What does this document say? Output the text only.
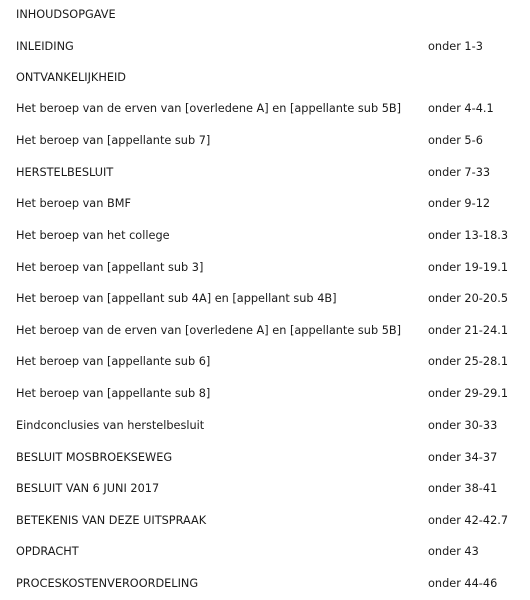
INHOUDSOPGAVE
INLEIDING	onder 1-3
ONTVANKELIJKHEID
Het beroep van de erven van [overledene A] en [appellante sub 5B] onder 4-4.1
Het beroep van [appellante sub 7]	onder 5-6
HERSTELBESLUIT	onder 7-33
Het beroep van BMF	onder 9-12
Het beroep van het college	onder 13-18.3
Het beroep van [appellant sub 3]	onder 19-19.1
Het beroep van [appellant sub 4A] en [appellant sub 4B]	onder 20-20.5
Het beroep van de erven van [overledene A] en [appellante sub 5B] onder 21-24.1
Het beroep van [appellante sub 6]	onder 25-28.1
Het beroep van [appellante sub 8]	onder 29-29.1
Eindconclusies van herstelbesluit	onder 30-33
BESLUIT MOSBROEKSEWEG	onder 34-37
BESLUIT VAN 6 JUNI 2017	onder 38-41
BETEKENIS VAN DEZE UITSPRAAK	onder 42-42.7
OPDRACHT	onder 43
PROCESKOSTENVEROORDELING	onder 44-46
